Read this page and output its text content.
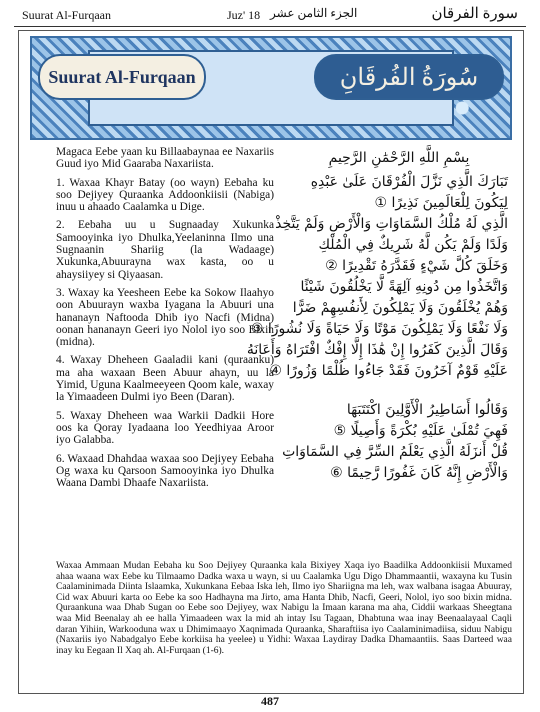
Suurat Al-Furqaan	Juz' 18 الجزء الثامن عشر	سورة الفرقان
Suurat Al-Furqaan	سُورَةُ الفُرقَانِ

Magaca Eebe yaan ku Billaabaynaa ee Naxariis Guud iyo Mid Gaaraba Naxariista.

1. Waxaa Khayr Batay (oo wayn) Eebaha ku soo Dejiyey Quraanka Addoonkiisii (Nabiga) inuu u ahaado Caalamka u Dige.

2. Eebaha uu u Sugnaaday Xukunka Samooyinka iyo Dhulka,Yeelaninna Ilmo una Sugnaanin Shariig (la Wadaage) Xukunka,Abuurayna wax kasta, oo u ahaysiiyey si Qiyaasan.

3. Waxay ka Yeesheen Eebe ka Sokow Ilaahyo oon Abuurayn waxba Iyagana la Abuuri una hananayn Naftooda Dhib iyo Nacfi (Midna) oonan hananayn Geeri iyo Nolol iyo soo Bixin (midna).

4. Waxay Dheheen Gaaladii kani (quraanku) ma aha waxaan Been Abuur ahayn, uu la Yimid, Uguna Kaalmeeyeen Qoom kale, waxay la Yimaadeen Dulmi iyo Been (Daran).

5. Waxay Dheheen waa Warkii Dadkii Hore oos ka Qoray Iyadaana loo Yeedhiyaa Aroor iyo Galabba.

6. Waxaad Dhahdaa waxaa soo Dejiyey Eebaha Og waxa ku Qarsoon Samooyinka iyo Dhulka Waana Dambi Dhaafe Naxariista.

بِسْمِ اللَّهِ الرَّحْمَٰنِ الرَّحِيمِ
تَبَارَكَ الَّذِي نَزَّلَ الْفُرْقَانَ عَلَىٰ عَبْدِهِ
لِيَكُونَ لِلْعَالَمِينَ نَذِيرًا ①
الَّذِي لَهُ مُلْكُ السَّمَاوَاتِ وَالْأَرْضِ وَلَمْ يَتَّخِذْ
وَلَدًا وَلَمْ يَكُن لَّهُ شَرِيكٌ فِي الْمُلْكِ
وَخَلَقَ كُلَّ شَيْءٍ فَقَدَّرَهُ تَقْدِيرًا ②
وَاتَّخَذُوا مِن دُونِهِ آلِهَةً لَّا يَخْلُقُونَ شَيْئًا
وَهُمْ يُخْلَقُونَ وَلَا يَمْلِكُونَ لِأَنفُسِهِمْ ضَرًّا
وَلَا نَفْعًا وَلَا يَمْلِكُونَ مَوْتًا وَلَا حَيَاةً وَلَا نُشُورًا ③
وَقَالَ الَّذِينَ كَفَرُوا إِنْ هَٰذَا إِلَّا إِفْكٌ افْتَرَاهُ وَأَعَانَهُ
عَلَيْهِ قَوْمٌ آخَرُونَ فَقَدْ جَاءُوا ظُلْمًا وَزُورًا ④
وَقَالُوا أَسَاطِيرُ الْأَوَّلِينَ اكْتَتَبَهَا
فَهِيَ تُمْلَىٰ عَلَيْهِ بُكْرَةً وَأَصِيلًا ⑤
قُلْ أَنزَلَهُ الَّذِي يَعْلَمُ السِّرَّ فِي السَّمَاوَاتِ
وَالْأَرْضِ إِنَّهُ كَانَ غَفُورًا رَّحِيمًا ⑥
Waxaa Ammaan Mudan Eebaha ku Soo Dejiyey Quraanka kala Bixiyey Xaqa iyo Baadilka Addoonkiisii Muxamed ahaa waana wax Eebe ku Tilmaamo Dadka waxa u wayn, si uu Caalamka Ugu Digo Dhammaantii, waxayna ku Tusin Caalaminimada Diinta Islaamka, Xukunkana Eebaa Iska leh, Ilmo iyo Shariigna ma leh, wax walbana isagaa Abuuray, Cid wax Abuuri karta oo Eebe ka soo Hadhayna ma Jirto, ama Hanta Dhib, Nacfi, Geeri, Nolol, iyo soo bixin midna. Quraankuna waa Dhab Sugan oo Eebe soo Dejiyey, wax Nabigu la Imaan karana ma aha, Ciddii warkaas Sheegtana waa Mid Beenalay ah ee halla Yimaadeen wax la mid ah intay Isu Tagaan, Dhabtuna waa inay Beenaalayaal Caqli daran Yihiin, Warkooduna wax u Dhimimaayo Xaqnimada Quraanka, Sharaftiisa iyo Caalaminimadiisa, siduu Nabigu (Naxariis iyo Nabadgalyo Eebe korkiisa ha yeelee) u Yidhi: Waxaa Laydiray Dadka Dhamaantiis. Saas Darteed waa inay ku Eegaan Il Xaq ah. Al-Furqaan (1-6).
487
